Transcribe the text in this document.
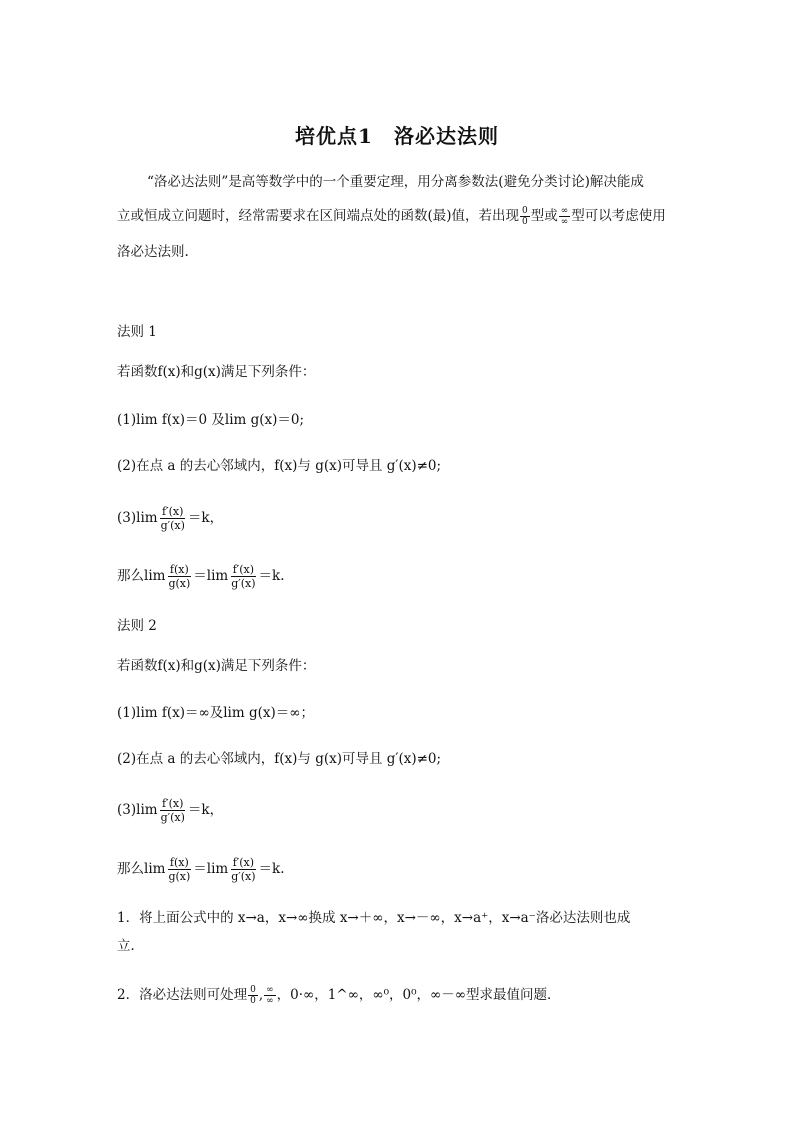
培优点1　洛必达法则
“洛必达法则”是高等数学中的一个重要定理，用分离参数法(避免分类讨论)解决能成
立或恒成立问题时，经常需要求在区间端点处的函数(最)值，若出现 $\frac{0}{0}$ 型或 $\frac{\infty}{\infty}$ 型可以考虑使用
洛必达法则.
法则 1
若函数f(x)和g(x)满足下列条件：
(1)lim f(x)＝0 及lim g(x)＝0;
(2)在点 a 的去心邻域内，f(x)与 g(x)可导且 g′(x)≠0;
$(3)\lim \frac{f'(x)}{g'(x)} =k$，
那么$\lim \frac{f(x)}{g(x)} =\lim \frac{f'(x)}{g'(x)} =k$.
法则 2
若函数f(x)和g(x)满足下列条件：
(1)lim f(x)＝∞及lim g(x)＝∞；
(2)在点 a 的去心邻域内，f(x)与 g(x)可导且 g′(x)≠0;
$(3)\lim \frac{f'(x)}{g'(x)} =k$，
那么$\lim \frac{f(x)}{g(x)} =\lim \frac{f'(x)}{g'(x)} =k$.
1．将上面公式中的 x→a，x→∞换成 x→＋∞，x→－∞，x→a⁺，x→a⁻洛必达法则也成
立．
2．洛必达法则可处理 $\frac{0}{0}$ , $\frac{\infty}{\infty}$ ，0·∞，1^∞，∞⁰，0⁰，∞－∞型求最值问题．
